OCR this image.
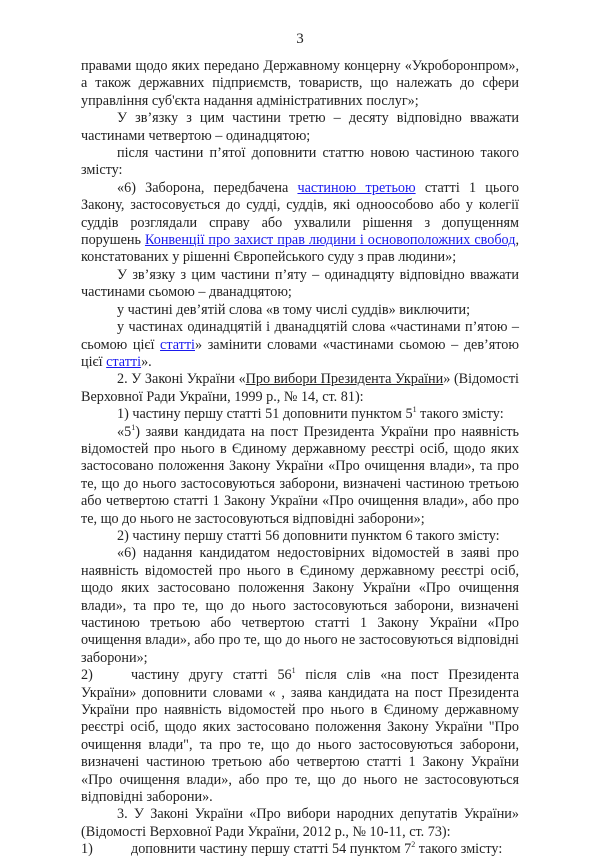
3

правами щодо яких передано Державному концерну «Укроборонпром», а також державних підприємств, товариств, що належать до сфери управління суб'єкта надання адміністративних послуг»;

У зв’язку з цим частини третю – десяту відповідно вважати частинами четвертою – одинадцятою;

після частини п’ятої доповнити статтю новою частиною такого змісту:

«6) Заборона, передбачена частиною третьою статті 1 цього Закону, застосовується до судді, суддів, які одноособово або у колегії суддів розглядали справу або ухвалили рішення з допущенням порушень Конвенції про захист прав людини і основоположних свобод, констатованих у рішенні Європейського суду з прав людини»;

У зв’язку з цим частини п’яту – одинадцяту відповідно вважати частинами сьомою – дванадцятою;

у частині дев’ятій слова «в тому числі суддів» виключити;

у частинах одинадцятій і дванадцятій слова «частинами п’ятою – сьомою цієї статті» замінити словами «частинами сьомою – дев’ятою цієї статті».

2. У Законі України «Про вибори Президента України» (Відомості Верховної Ради України, 1999 р., № 14, ст. 81):

1) частину першу статті 51 доповнити пунктом $5^1$ такого змісту:

«$5^1$) заяви кандидата на пост Президента України про наявність відомостей про нього в Єдиному державному реєстрі осіб, щодо яких застосовано положення Закону України «Про очищення влади», та про те, що до нього застосовуються заборони, визначені частиною третьою або четвертою статті 1 Закону України «Про очищення влади», або про те, що до нього не застосовуються відповідні заборони»;

2) частину першу статті 56 доповнити пунктом 6 такого змісту:

«6) надання кандидатом недостовірних відомостей в заяві про наявність відомостей про нього в Єдиному державному реєстрі осіб, щодо яких застосовано положення Закону України «Про очищення влади», та про те, що до нього застосовуються заборони, визначені частиною третьою або четвертою статті 1 Закону України «Про очищення влади», або про те, що до нього не застосовуються відповідні заборони»;

2)	частину другу статті $56^1$ після слів «на пост Президента України» доповнити словами « , заява кандидата на пост Президента України про наявність відомостей про нього в Єдиному державному реєстрі осіб, щодо яких застосовано положення Закону України "Про очищення влади", та про те, що до нього застосовуються заборони, визначені частиною третьою або четвертою статті 1 Закону України «Про очищення влади», або про те, що до нього не застосовуються відповідні заборони».

3. У Законі України «Про вибори народних депутатів України» (Відомості Верховної Ради України, 2012 р., № 10-11, ст. 73):

1)	доповнити частину першу статті 54 пунктом $7^2$ такого змісту:
